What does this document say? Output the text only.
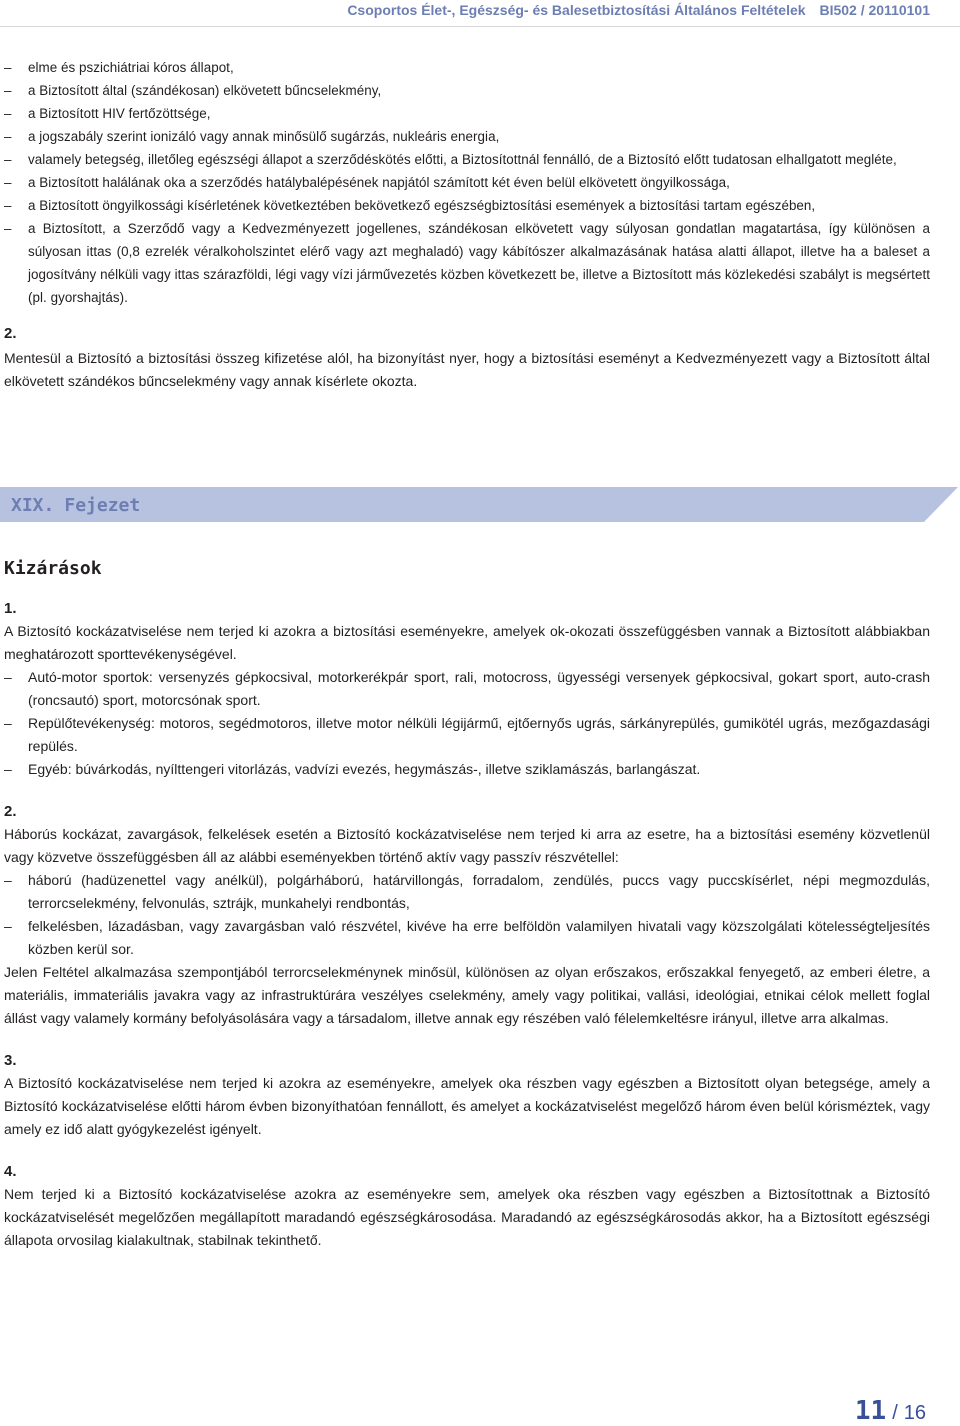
Csoportos Élet-, Egészség- és Balesetbiztosítási Általános Feltételek BI502 / 20110101
– elme és pszichiátriai kóros állapot,
– a Biztosított által (szándékosan) elkövetett bűncselekmény,
– a Biztosított HIV fertőzöttsége,
– a jogszabály szerint ionizáló vagy annak minősülő sugárzás, nukleáris energia,
– valamely betegség, illetőleg egészségi állapot a szerződéskötés előtti, a Biztosítottnál fennálló, de a Biztosító előtt tudatosan elhallgatott megléte,
– a Biztosított halálának oka a szerződés hatálybalépésének napjától számított két éven belül elkövetett öngyilkossága,
– a Biztosított öngyilkossági kísérletének következtében bekövetkező egészségbiztosítási események a biztosítási tartam egészében,
– a Biztosított, a Szerződő vagy a Kedvezményezett jogellenes, szándékosan elkövetett vagy súlyosan gondatlan magatartása, így különösen a súlyosan ittas (0,8 ezrelék véralkoholszintet elérő vagy azt meghaladó) vagy kábítószer alkalmazásának hatása alatti állapot, illetve ha a baleset a jogosítvány nélküli vagy ittas szárazföldi, légi vagy vízi járművezetés közben következett be, illetve a Biztosított más közlekedési szabályt is megsértett (pl. gyorshajtás).

2.

Mentesül a Biztosító a biztosítási összeg kifizetése alól, ha bizonyítást nyer, hogy a biztosítási eseményt a Kedvezményezett vagy a Biztosított által elkövetett szándékos bűncselekmény vagy annak kísérlete okozta.

XIX. Fejezet
Kizárások

1.

A Biztosító kockázatviselése nem terjed ki azokra a biztosítási eseményekre, amelyek ok-okozati összefüggésben vannak a Biztosított alábbiakban meghatározott sporttevékenységével.

– Autó-motor sportok: versenyzés gépkocsival, motorkerékpár sport, rali, motocross, ügyességi versenyek gépkocsival, gokart sport, auto-crash (roncsautó) sport, motorcsónak sport.
– Repülőtevékenység: motoros, segédmotoros, illetve motor nélküli légijármű, ejtőernyős ugrás, sárkányrepülés, gumikötél ugrás, mezőgazdasági repülés.
– Egyéb: búvárkodás, nyílttengeri vitorlázás, vadvízi evezés, hegymászás-, illetve sziklamászás, barlangászat.

2.

Háborús kockázat, zavargások, felkelések esetén a Biztosító kockázatviselése nem terjed ki arra az esetre, ha a biztosítási esemény közvetlenül vagy közvetve összefüggésben áll az alábbi eseményekben történő aktív vagy passzív részvétellel:

– háború (hadüzenettel vagy anélkül), polgárháború, határvillongás, forradalom, zendülés, puccs vagy puccskísérlet, népi megmozdulás, terrorcselekmény, felvonulás, sztrájk, munkahelyi rendbontás,
– felkelésben, lázadásban, vagy zavargásban való részvétel, kivéve ha erre belföldön valamilyen hivatali vagy közszolgálati kötelességteljesítés közben kerül sor.

Jelen Feltétel alkalmazása szempontjából terrorcselekménynek minősül, különösen az olyan erőszakos, erőszakkal fenyegető, az emberi életre, a materiális, immateriális javakra vagy az infrastruktúrára veszélyes cselekmény, amely vagy politikai, vallási, ideológiai, etnikai célok mellett foglal állást vagy valamely kormány befolyásolására vagy a társadalom, illetve annak egy részében való félelemkeltésre irányul, illetve arra alkalmas.

3.

A Biztosító kockázatviselése nem terjed ki azokra az eseményekre, amelyek oka részben vagy egészben a Biztosított olyan betegsége, amely a Biztosító kockázatviselése előtti három évben bizonyíthatóan fennállott, és amelyet a kockázatviselést megelőző három éven belül kórisméztek, vagy amely ez idő alatt gyógykezelést igényelt.

4.

Nem terjed ki a Biztosító kockázatviselése azokra az eseményekre sem, amelyek oka részben vagy egészben a Biztosítottnak a Biztosító kockázatviselését megelőzően megállapított maradandó egészségkárosodása. Maradandó az egészségkárosodás akkor, ha a Biztosított egészségi állapota orvosilag kialakultnak, stabilnak tekinthető.

11 / 16
